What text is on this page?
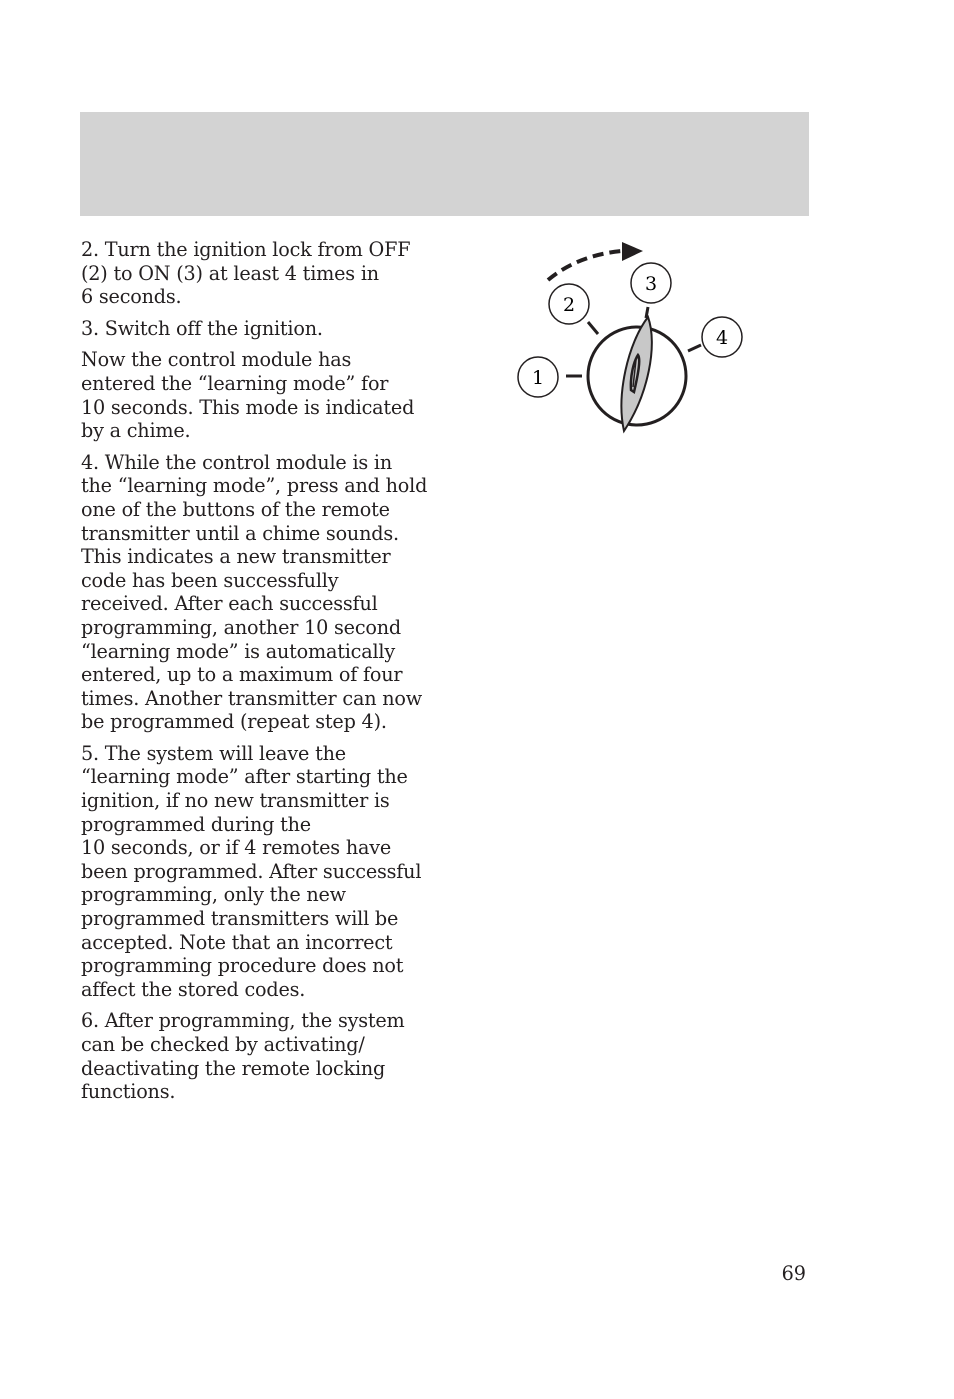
2. Turn the ignition lock from OFF
(2) to ON (3) at least 4 times in
6 seconds.

3. Switch off the ignition.

Now the control module has
entered the “learning mode” for
10 seconds. This mode is indicated
by a chime.

4. While the control module is in
the “learning mode”, press and hold
one of the buttons of the remote
transmitter until a chime sounds.
This indicates a new transmitter
code has been successfully
received. After each successful
programming, another 10 second
“learning mode” is automatically
entered, up to a maximum of four
times. Another transmitter can now
be programmed (repeat step 4).

5. The system will leave the
“learning mode” after starting the
ignition, if no new transmitter is
programmed during the
10 seconds, or if 4 remotes have
been programmed. After successful
programming, only the new
programmed transmitters will be
accepted. Note that an incorrect
programming procedure does not
affect the stored codes.

6. After programming, the system
can be checked by activating/
deactivating the remote locking
functions.

1
2
3
4
69
